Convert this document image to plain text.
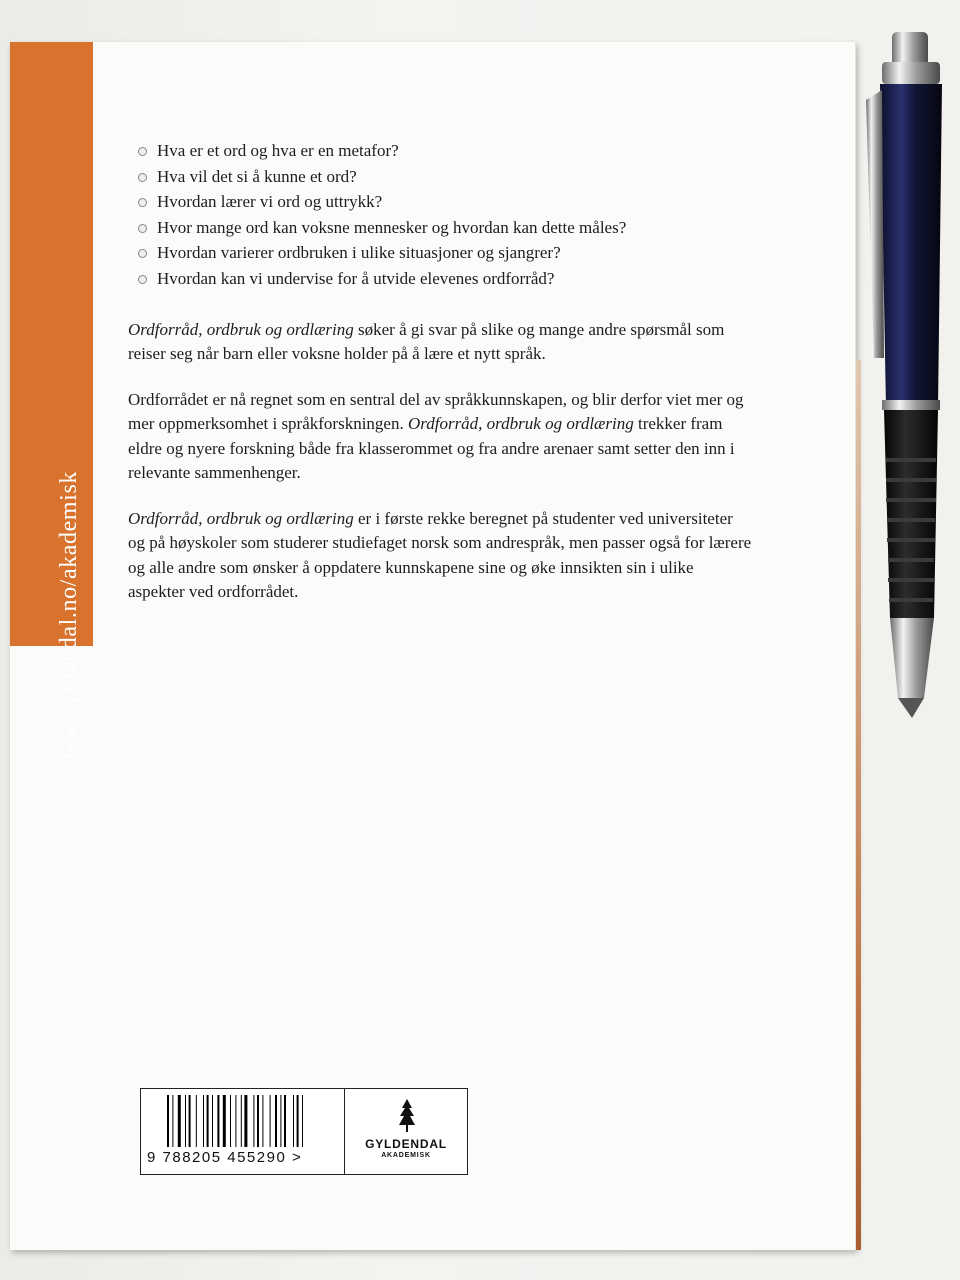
www.gyldendal.no/akademisk
Hva er et ord og hva er en metafor?
Hva vil det si å kunne et ord?
Hvordan lærer vi ord og uttrykk?
Hvor mange ord kan voksne mennesker og hvordan kan dette måles?
Hvordan varierer ordbruken i ulike situasjoner og sjangrer?
Hvordan kan vi undervise for å utvide elevenes ordforråd?

Ordforråd, ordbruk og ordlæring søker å gi svar på slike og mange andre spørsmål som reiser seg når barn eller voksne holder på å lære et nytt språk.

Ordforrådet er nå regnet som en sentral del av språkkunnskapen, og blir derfor viet mer og mer oppmerksomhet i språkforskningen. Ordforråd, ordbruk og ordlæring trekker fram eldre og nyere forskning både fra klasserommet og fra andre arenaer samt setter den inn i relevante sammenhenger.

Ordforråd, ordbruk og ordlæring er i første rekke beregnet på studenter ved universiteter og på høyskoler som studerer studiefaget norsk som andrespråk, men passer også for lærere og alle andre som ønsker å oppdatere kunnskapene sine og øke innsikten sin i ulike aspekter ved ordforrådet.

9 788205 455290 >
GYLDENDAL
AKADEMISK
